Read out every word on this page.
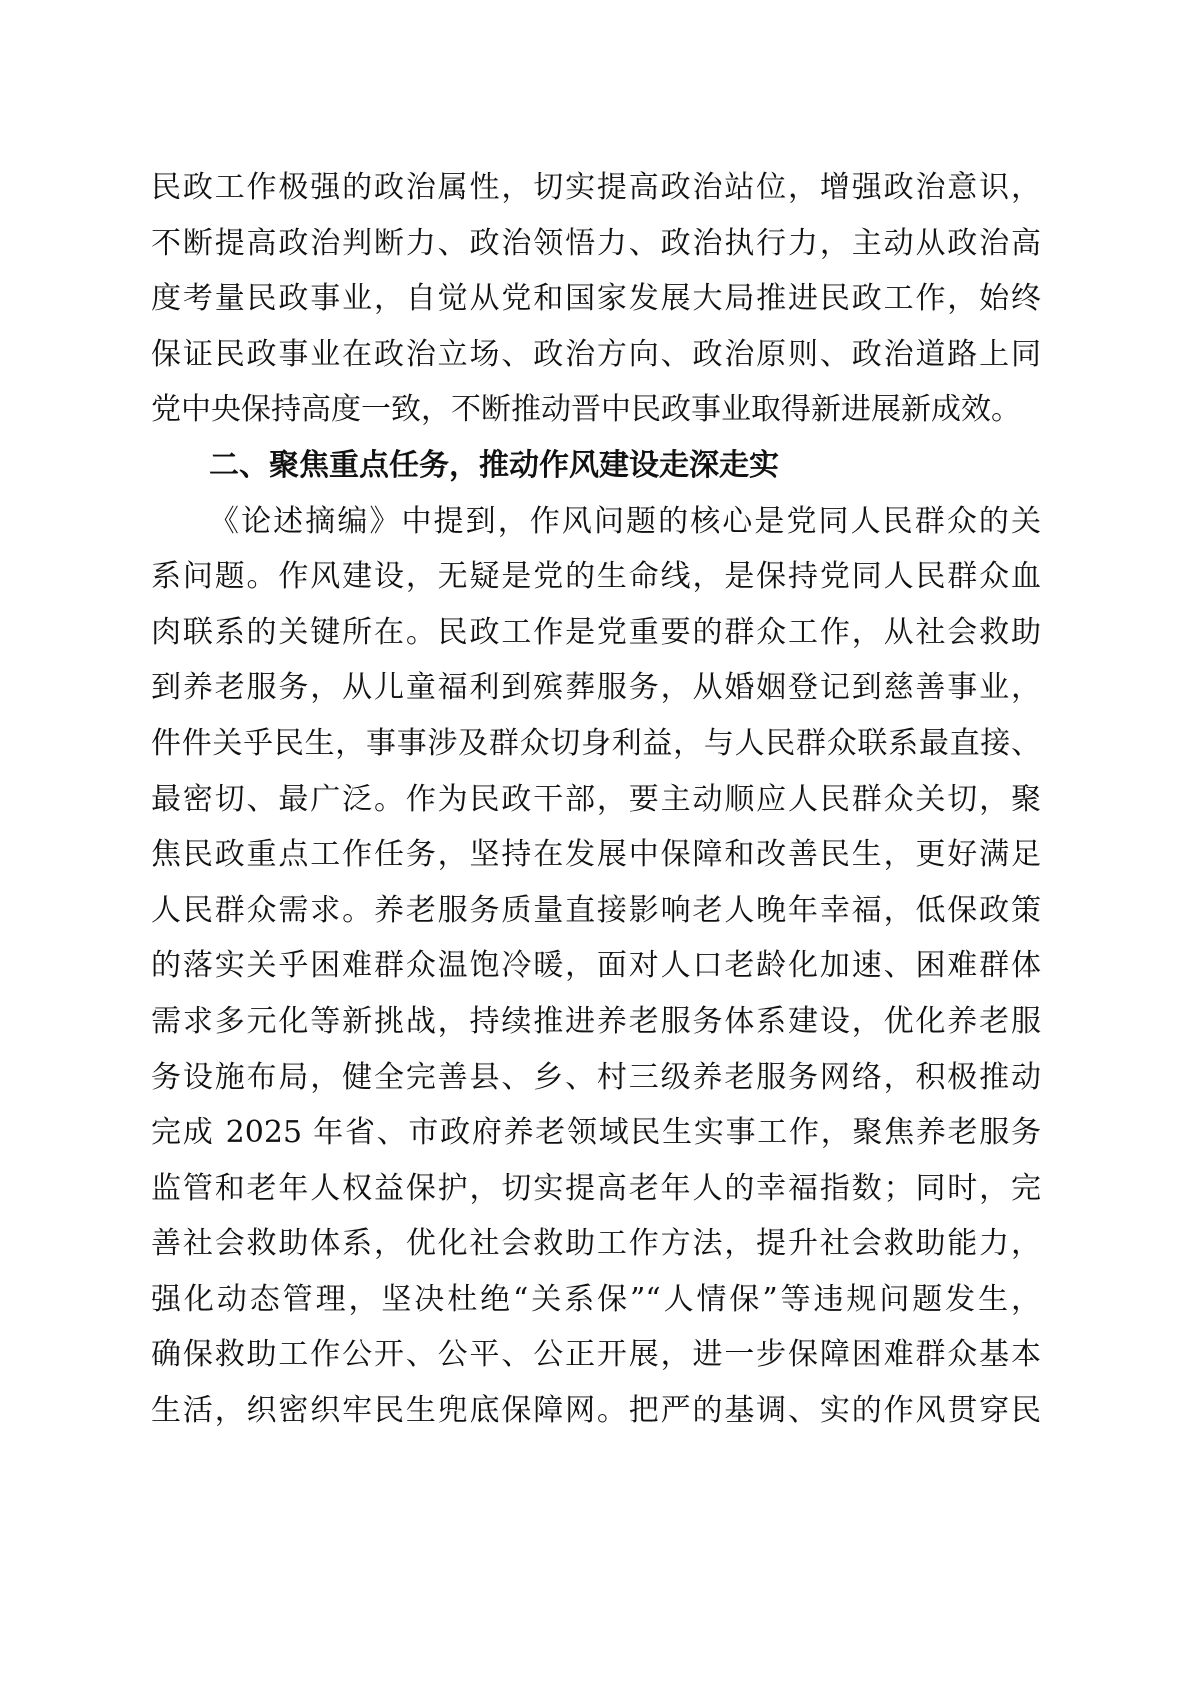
民政工作极强的政治属性，切实提高政治站位，增强政治意识，
不断提高政治判断力、政治领悟力、政治执行力，主动从政治高
度考量民政事业，自觉从党和国家发展大局推进民政工作，始终
保证民政事业在政治立场、政治方向、政治原则、政治道路上同
党中央保持高度一致，不断推动晋中民政事业取得新进展新成效。
二、聚焦重点任务，推动作风建设走深走实
《论述摘编》中提到，作风问题的核心是党同人民群众的关
系问题。作风建设，无疑是党的生命线，是保持党同人民群众血
肉联系的关键所在。民政工作是党重要的群众工作，从社会救助
到养老服务，从儿童福利到殡葬服务，从婚姻登记到慈善事业，
件件关乎民生，事事涉及群众切身利益，与人民群众联系最直接、
最密切、最广泛。作为民政干部，要主动顺应人民群众关切，聚
焦民政重点工作任务，坚持在发展中保障和改善民生，更好满足
人民群众需求。养老服务质量直接影响老人晚年幸福，低保政策
的落实关乎困难群众温饱冷暖，面对人口老龄化加速、困难群体
需求多元化等新挑战，持续推进养老服务体系建设，优化养老服
务设施布局，健全完善县、乡、村三级养老服务网络，积极推动
完成 2025 年省、市政府养老领域民生实事工作，聚焦养老服务
监管和老年人权益保护，切实提高老年人的幸福指数；同时，完
善社会救助体系，优化社会救助工作方法，提升社会救助能力，
强化动态管理，坚决杜绝“关系保”“人情保”等违规问题发生，
确保救助工作公开、公平、公正开展，进一步保障困难群众基本
生活，织密织牢民生兜底保障网。把严的基调、实的作风贯穿民
